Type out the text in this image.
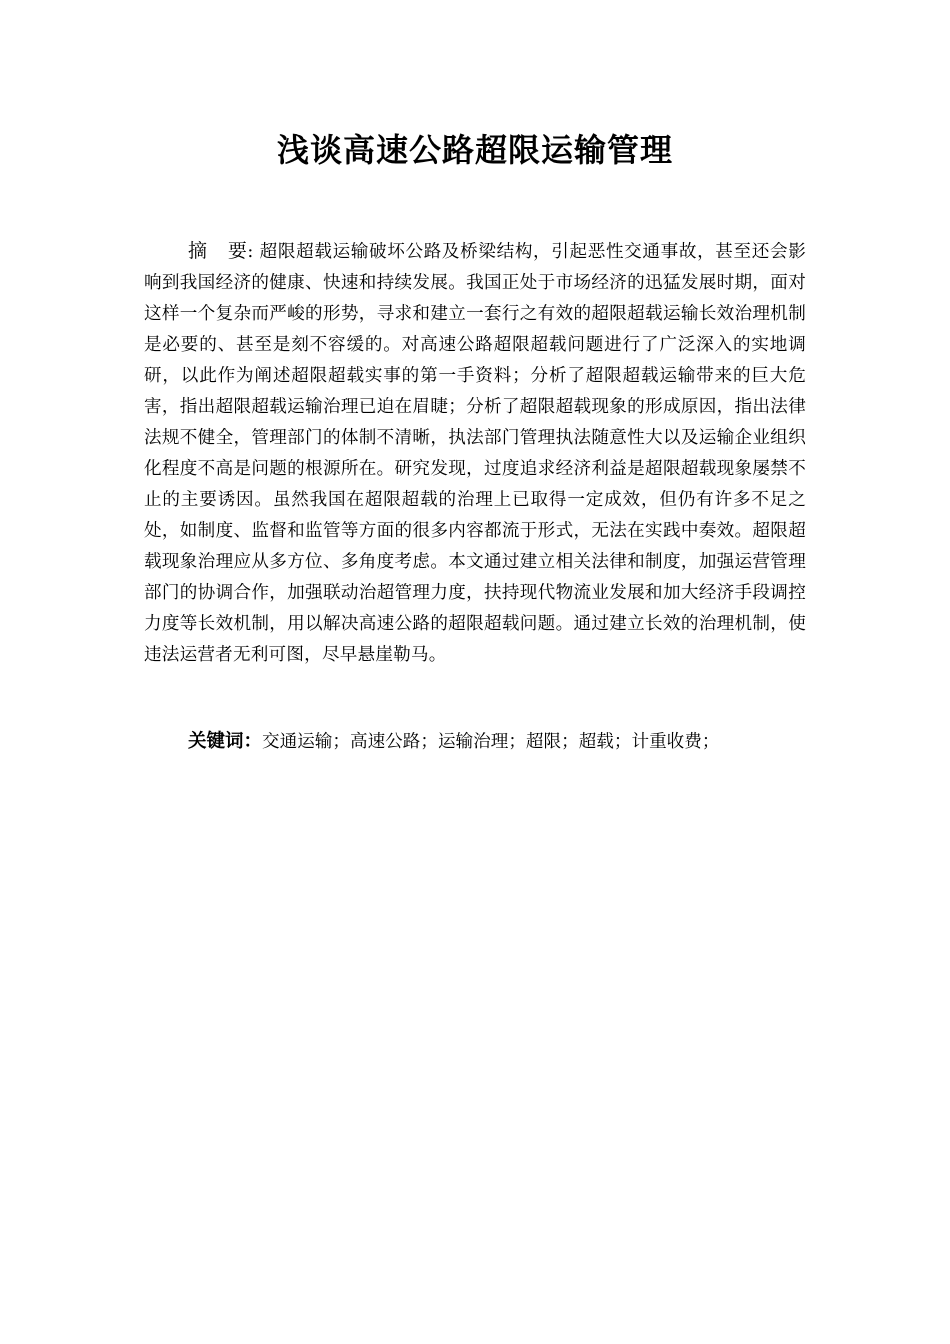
浅谈高速公路超限运输管理

摘 要: 超限超载运输破坏公路及桥梁结构，引起恶性交通事故，甚至还会影响到我国经济的健康、快速和持续发展。我国正处于市场经济的迅猛发展时期，面对这样一个复杂而严峻的形势，寻求和建立一套行之有效的超限超载运输长效治理机制是必要的、甚至是刻不容缓的。对高速公路超限超载问题进行了广泛深入的实地调研，以此作为阐述超限超载实事的第一手资料；分析了超限超载运输带来的巨大危害，指出超限超载运输治理已迫在眉睫；分析了超限超载现象的形成原因，指出法律法规不健全，管理部门的体制不清晰，执法部门管理执法随意性大以及运输企业组织化程度不高是问题的根源所在。研究发现，过度追求经济利益是超限超载现象屡禁不止的主要诱因。虽然我国在超限超载的治理上已取得一定成效，但仍有许多不足之处，如制度、监督和监管等方面的很多内容都流于形式，无法在实践中奏效。超限超载现象治理应从多方位、多角度考虑。本文通过建立相关法律和制度，加强运营管理部门的协调合作，加强联动治超管理力度，扶持现代物流业发展和加大经济手段调控力度等长效机制，用以解决高速公路的超限超载问题。通过建立长效的治理机制，使违法运营者无利可图，尽早悬崖勒马。

关键词：交通运输；高速公路；运输治理；超限；超载；计重收费；
